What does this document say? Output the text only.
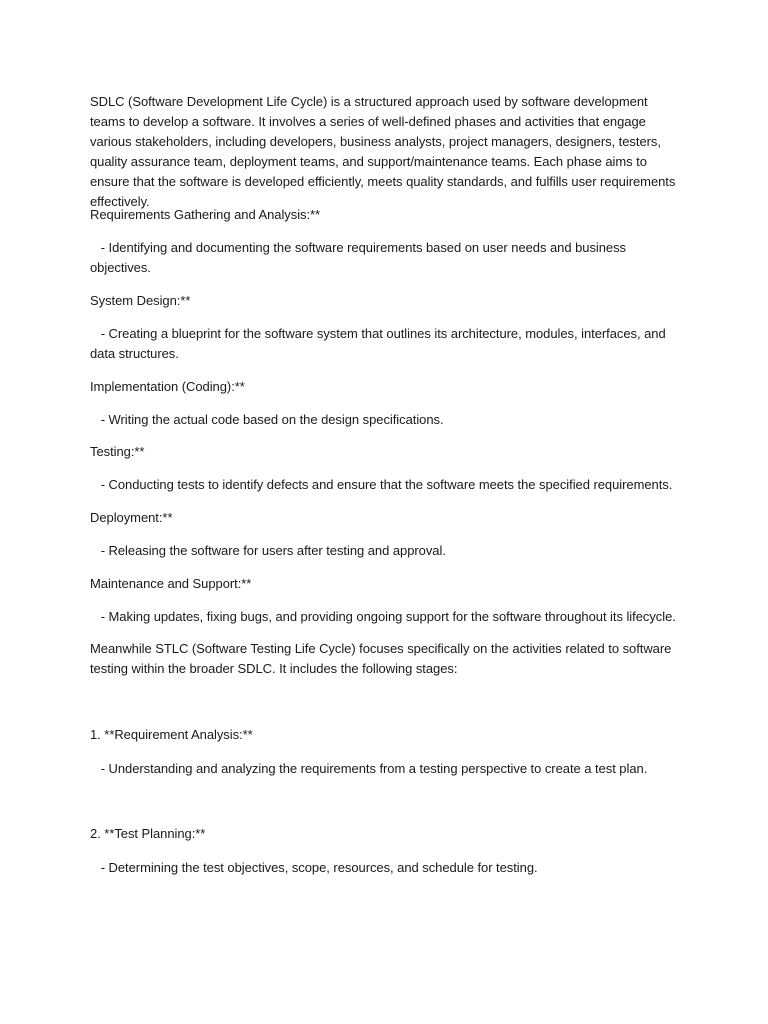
SDLC (Software Development Life Cycle) is a structured approach used by software development teams to develop a software. It involves a series of well-defined phases and activities that engage various stakeholders, including developers, business analysts, project managers, designers, testers, quality assurance team, deployment teams, and support/maintenance teams. Each phase aims to ensure that the software is developed efficiently, meets quality standards, and fulfills user requirements effectively.

Requirements Gathering and Analysis:**

- Identifying and documenting the software requirements based on user needs and business objectives.

System Design:**

- Creating a blueprint for the software system that outlines its architecture, modules, interfaces, and data structures.

Implementation (Coding):**

- Writing the actual code based on the design specifications.

Testing:**

- Conducting tests to identify defects and ensure that the software meets the specified requirements.

Deployment:**

- Releasing the software for users after testing and approval.

Maintenance and Support:**

- Making updates, fixing bugs, and providing ongoing support for the software throughout its lifecycle.

Meanwhile STLC (Software Testing Life Cycle) focuses specifically on the activities related to software testing within the broader SDLC. It includes the following stages:

1. **Requirement Analysis:**

- Understanding and analyzing the requirements from a testing perspective to create a test plan.

2. **Test Planning:**

- Determining the test objectives, scope, resources, and schedule for testing.
